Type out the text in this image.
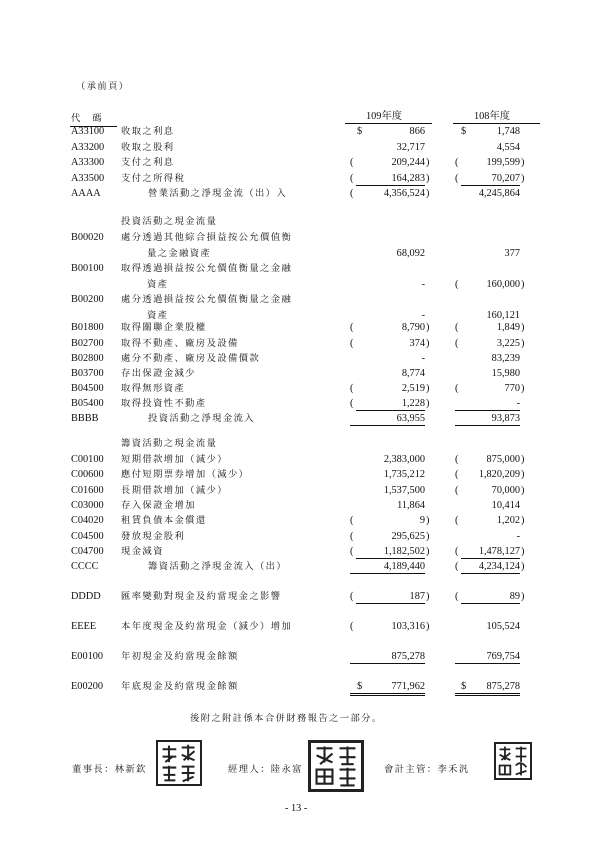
（承前頁）
代　碼	109年度	108年度
A33100 收取之利息	$	866	$	1,748
A33200 收取之股利	32,717	4,554
A33300 支付之利息	(	209,244 ) (	199,599 )
A33500 支付之所得稅	(	164,283 ) (	70,207 )
AAAA	營業活動之淨現金流（出）入	(	4,356,524 )	4,245,864
投資活動之現金流量
B00020 處分透過其他綜合損益按公允價值衡
量之金融資產	68,092	377
B00100 取得透過損益按公允價值衡量之金融
資產	-	(	160,000 )
B00200 處分透過損益按公允價值衡量之金融
資產	-	160,121
B01800 取得關聯企業股權	(	8,790 ) (	1,849 )
B02700 取得不動產、廠房及設備	(	374 ) (	3,225 )
B02800 處分不動產、廠房及設備價款	-	83,239
B03700 存出保證金減少	8,774	15,980
B04500 取得無形資產	(	2,519 ) (	770 )
B05400 取得投資性不動產	(	1,228 )	-
BBBB	投資活動之淨現金流入	63,955	93,873
籌資活動之現金流量
C00100 短期借款增加（減少）	2,383,000	(	875,000 )
C00600 應付短期票券增加（減少）	1,735,212	(	1,820,209 )
C01600 長期借款增加（減少）	1,537,500	(	70,000 )
C03000 存入保證金增加	11,864	10,414
C04020 租賃負債本金償還	(	9 ) (	1,202 )
C04500 發放現金股利	(	295,625 )	-
C04700 現金減資	(	1,182,502 ) (	1,478,127 )
CCCC	籌資活動之淨現金流入（出）	4,189,440	(	4,234,124 )
DDDD 匯率變動對現金及約當現金之影響	(	187 ) (	89 )
EEEE	本年度現金及約當現金（減少）增加	(	103,316 )	105,524
E00100 年初現金及約當現金餘額	875,278	769,754
E00200 年底現金及約當現金餘額	$	771,962	$	875,278
後附之附註係本合併財務報告之一部分。
董事長：林新欽	經理人：陸永富	會計主管：李禾汎
- 13 -
